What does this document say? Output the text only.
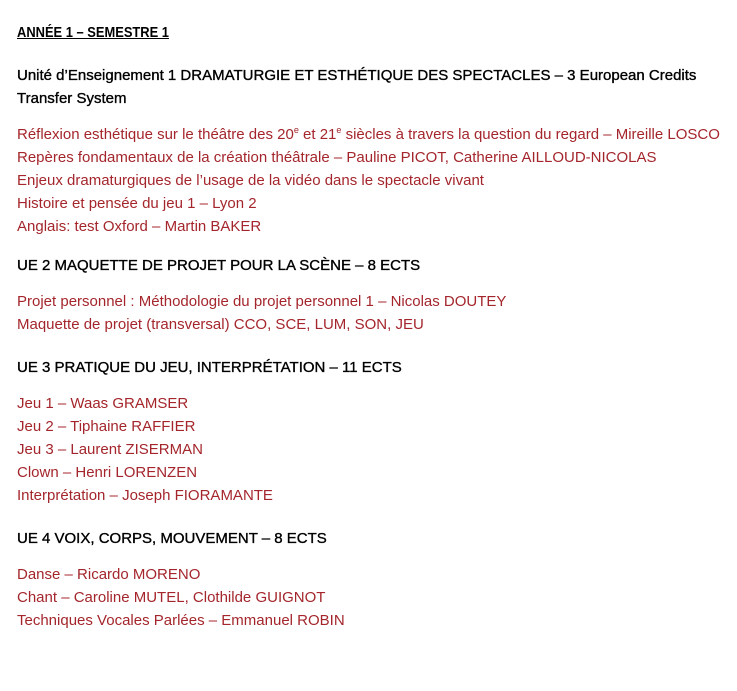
ANNÉE 1 – SEMESTRE 1

Unité d’Enseignement 1 DRAMATURGIE ET ESTHÉTIQUE DES SPECTACLES – 3 European Credits Transfer System

Réflexion esthétique sur le théâtre des 20e et 21e siècles à travers la question du regard – Mireille LOSCO
Repères fondamentaux de la création théâtrale – Pauline PICOT, Catherine AILLOUD-NICOLAS
Enjeux dramaturgiques de l’usage de la vidéo dans le spectacle vivant
Histoire et pensée du jeu 1 – Lyon 2
Anglais: test Oxford – Martin BAKER

UE 2 MAQUETTE DE PROJET POUR LA SCÈNE – 8 ECTS

Projet personnel : Méthodologie du projet personnel 1 – Nicolas DOUTEY
Maquette de projet (transversal) CCO, SCE, LUM, SON, JEU

UE 3 PRATIQUE DU JEU, INTERPRÉTATION – 11 ECTS

Jeu 1 – Waas GRAMSER
Jeu 2 – Tiphaine RAFFIER
Jeu 3 – Laurent ZISERMAN
Clown – Henri LORENZEN
Interprétation – Joseph FIORAMANTE

UE 4 VOIX, CORPS, MOUVEMENT – 8 ECTS

Danse – Ricardo MORENO
Chant – Caroline MUTEL, Clothilde GUIGNOT
Techniques Vocales Parlées – Emmanuel ROBIN
